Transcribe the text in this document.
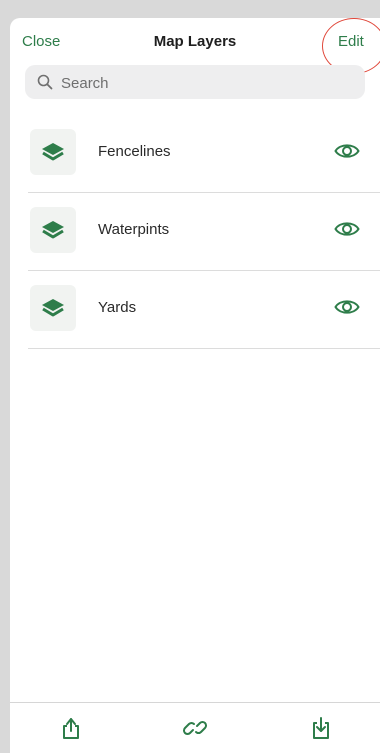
Close	Map Layers	Edit
Search
Fencelines
Waterpints
Yards
